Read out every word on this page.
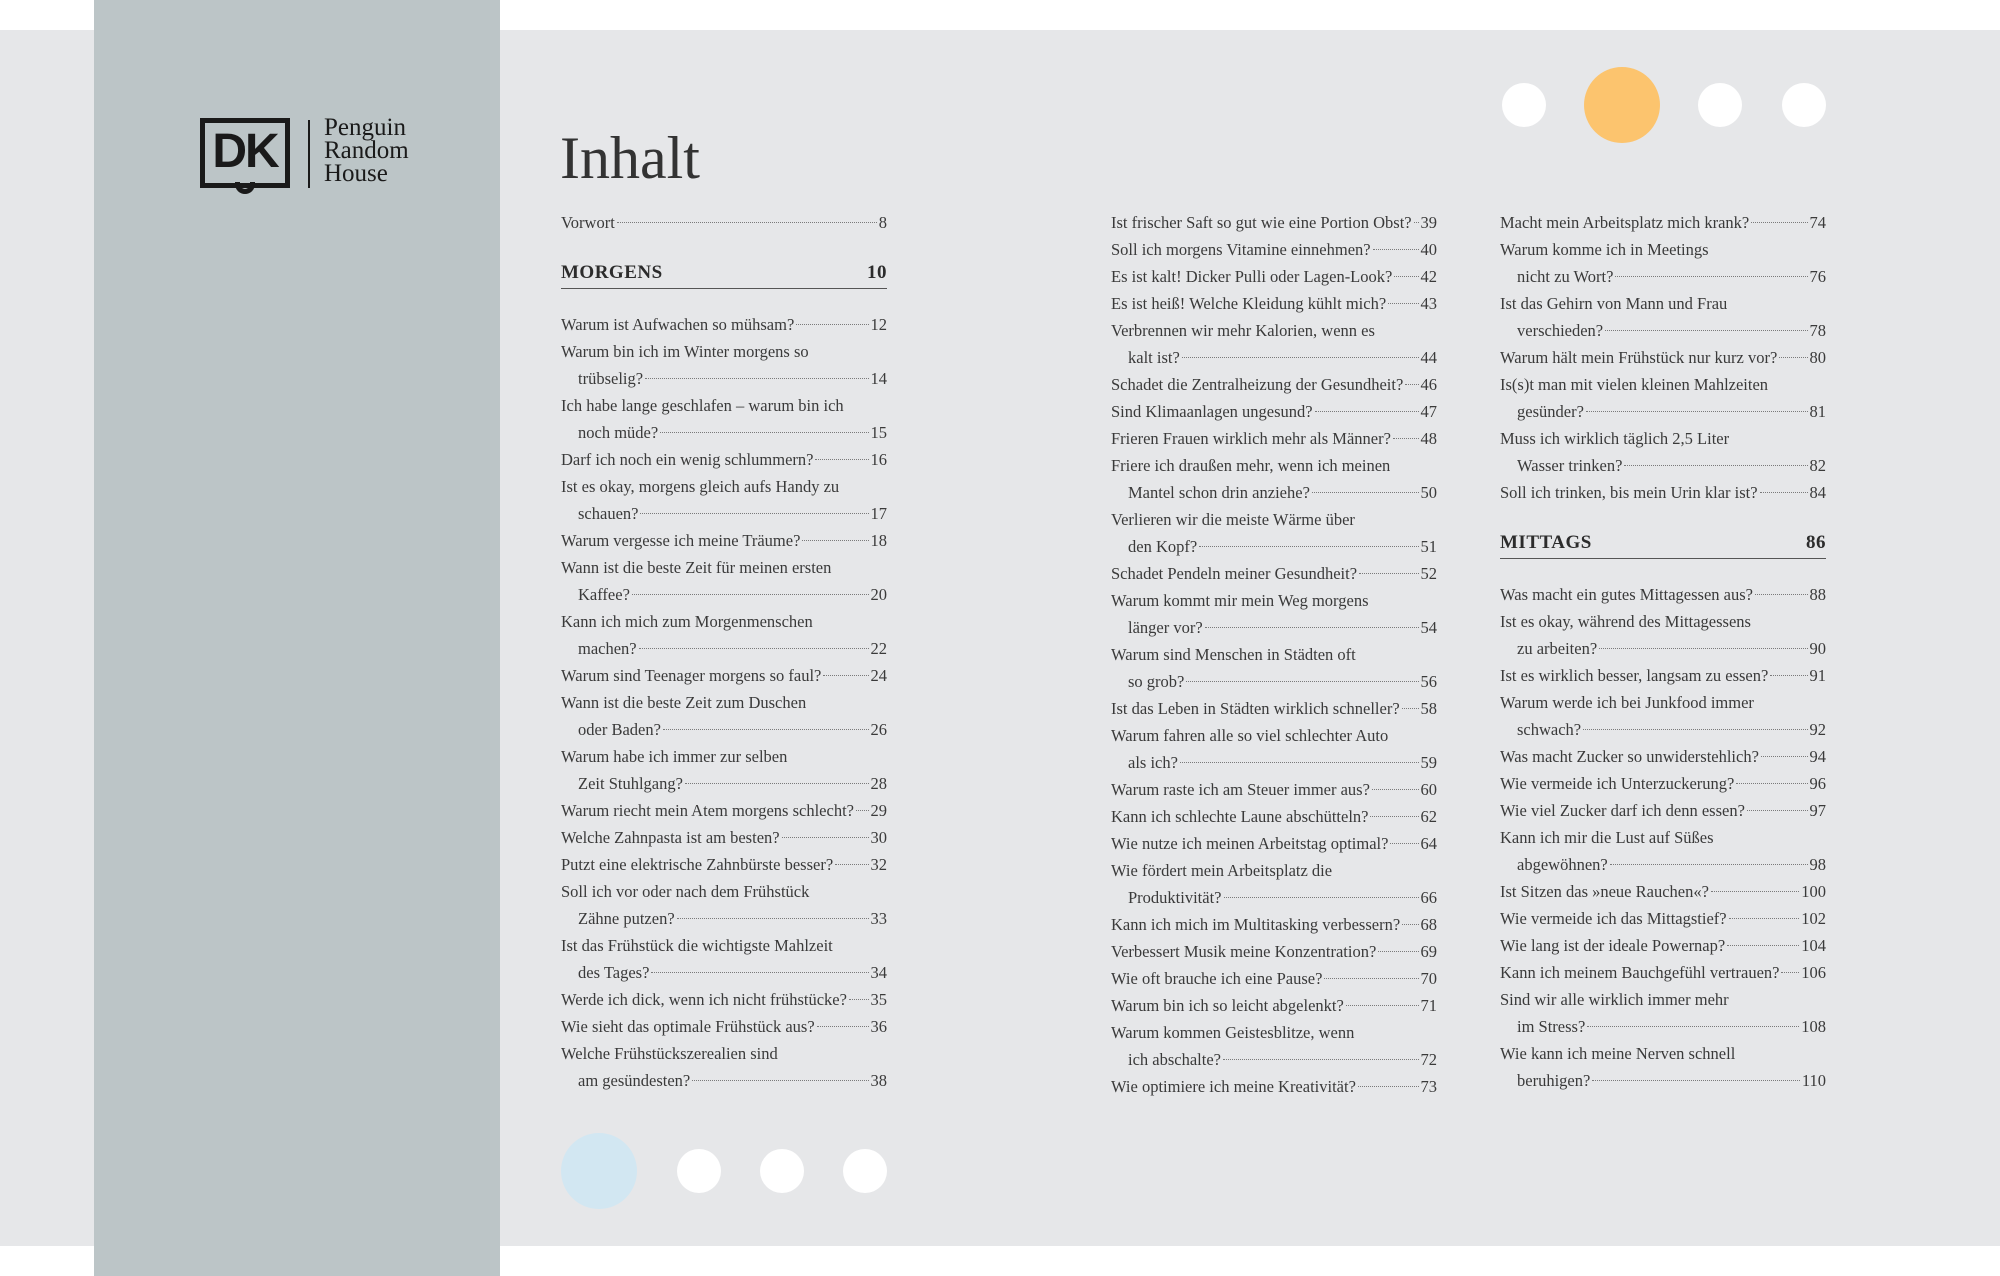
DK	Penguin
Random
House	Inhalt
Vorwort	8
MORGENS	10
Warum ist Aufwachen so mühsam?	12
Warum bin ich im Winter morgens so
trübselig?	14
Ich habe lange geschlafen – warum bin ich
noch müde?	15
Darf ich noch ein wenig schlummern?	16
Ist es okay, morgens gleich aufs Handy zu
schauen?	17
Warum vergesse ich meine Träume?	18
Wann ist die beste Zeit für meinen ersten
Kaffee?	20
Kann ich mich zum Morgenmenschen
machen?	22
Warum sind Teenager morgens so faul?	24
Wann ist die beste Zeit zum Duschen
oder Baden?	26
Warum habe ich immer zur selben
Zeit Stuhlgang?	28
Warum riecht mein Atem morgens schlecht? 29
Welche Zahnpasta ist am besten?	30
Putzt eine elektrische Zahnbürste besser? 32
Soll ich vor oder nach dem Frühstück
Zähne putzen?	33
Ist das Frühstück die wichtigste Mahlzeit
des Tages?	34
Werde ich dick, wenn ich nicht frühstücke? 35
Wie sieht das optimale Frühstück aus?	36
Welche Frühstückszerealien sind
am gesündesten?	38
Ist frischer Saft so gut wie eine Portion Obst? 39
Soll ich morgens Vitamine einnehmen?	40
Es ist kalt! Dicker Pulli oder Lagen-Look? 42
Es ist heiß! Welche Kleidung kühlt mich? 43
Verbrennen wir mehr Kalorien, wenn es
kalt ist?	44
Schadet die Zentralheizung der Gesundheit? 46
Sind Klimaanlagen ungesund?	47
Frieren Frauen wirklich mehr als Männer? 48
Friere ich draußen mehr, wenn ich meinen
Mantel schon drin anziehe?	50
Verlieren wir die meiste Wärme über
den Kopf?	51
Schadet Pendeln meiner Gesundheit?	52
Warum kommt mir mein Weg morgens
länger vor?	54
Warum sind Menschen in Städten oft
so grob?	56
Ist das Leben in Städten wirklich schneller? 58
Warum fahren alle so viel schlechter Auto
als ich?	59
Warum raste ich am Steuer immer aus?	60
Kann ich schlechte Laune abschütteln?	62
Wie nutze ich meinen Arbeitstag optimal? 64
Wie fördert mein Arbeitsplatz die
Produktivität?	66
Kann ich mich im Multitasking verbessern? 68
Verbessert Musik meine Konzentration?	69
Wie oft brauche ich eine Pause?	70
Warum bin ich so leicht abgelenkt?	71
Warum kommen Geistesblitze, wenn
ich abschalte?	72
Wie optimiere ich meine Kreativität?	73
Macht mein Arbeitsplatz mich krank?	74
Warum komme ich in Meetings
nicht zu Wort?	76
Ist das Gehirn von Mann und Frau
verschieden?	78
Warum hält mein Frühstück nur kurz vor? 80
Is(s)t man mit vielen kleinen Mahlzeiten
gesünder?	81
Muss ich wirklich täglich 2,5 Liter
Wasser trinken?	82
Soll ich trinken, bis mein Urin klar ist?	84
MITTAGS	86
Was macht ein gutes Mittagessen aus?	88
Ist es okay, während des Mittagessens
zu arbeiten?	90
Ist es wirklich besser, langsam zu essen? 91
Warum werde ich bei Junkfood immer
schwach?	92
Was macht Zucker so unwiderstehlich?	94
Wie vermeide ich Unterzuckerung?	96
Wie viel Zucker darf ich denn essen?	97
Kann ich mir die Lust auf Süßes
abgewöhnen?	98
Ist Sitzen das »neue Rauchen«?	100
Wie vermeide ich das Mittagstief?	102
Wie lang ist der ideale Powernap?	104
Kann ich meinem Bauchgefühl vertrauen? 106
Sind wir alle wirklich immer mehr
im Stress?	108
Wie kann ich meine Nerven schnell
beruhigen?	110
